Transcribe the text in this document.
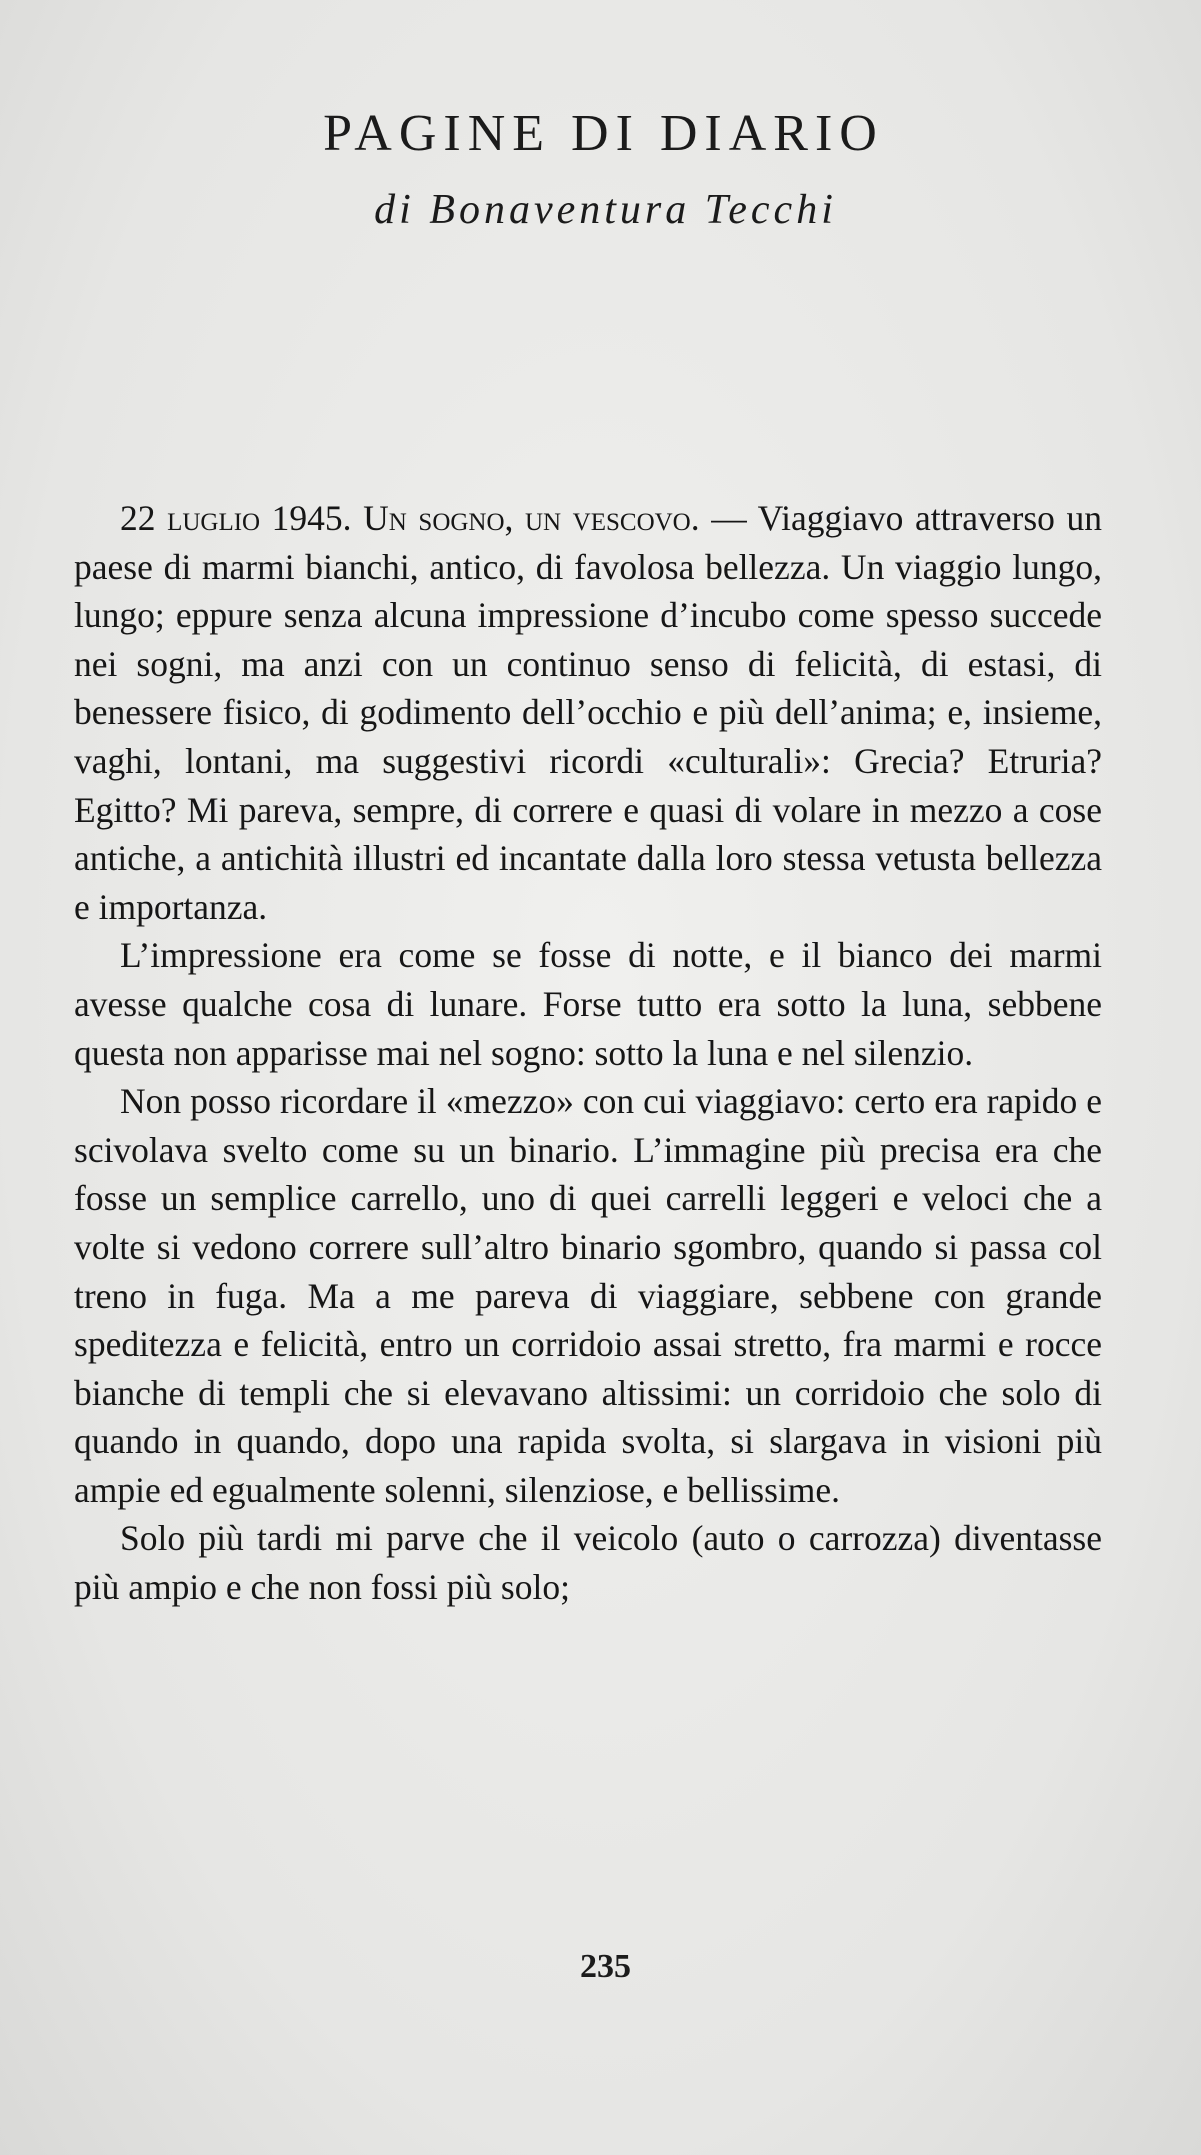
PAGINE DI DIARIO
di Bonaventura Tecchi

22 luglio 1945. Un sogno, un vescovo. — Viaggiavo attraverso un paese di marmi bianchi, antico, di favolosa bellezza. Un viaggio lungo, lungo; eppure senza alcuna impressione d’incubo come spesso succede nei sogni, ma anzi con un continuo senso di felicità, di estasi, di benessere fisico, di godimento dell’occhio e più dell’anima; e, insieme, vaghi, lontani, ma suggestivi ricordi «culturali»: Grecia? Etruria? Egitto? Mi pareva, sempre, di correre e quasi di volare in mezzo a cose antiche, a antichità illustri ed incantate dalla loro stessa vetusta bellezza e importanza.

L’impressione era come se fosse di notte, e il bianco dei marmi avesse qualche cosa di lunare. Forse tutto era sotto la luna, sebbene questa non apparisse mai nel sogno: sotto la luna e nel silenzio.

Non posso ricordare il «mezzo» con cui viaggiavo: certo era rapido e scivolava svelto come su un binario. L’immagine più precisa era che fosse un semplice carrello, uno di quei carrelli leggeri e veloci che a volte si vedono correre sull’altro binario sgombro, quando si passa col treno in fuga. Ma a me pareva di viaggiare, sebbene con grande speditezza e felicità, entro un corridoio assai stretto, fra marmi e rocce bianche di templi che si elevavano altissimi: un corridoio che solo di quando in quando, dopo una rapida svolta, si slargava in visioni più ampie ed egualmente solenni, silenziose, e bellissime.

Solo più tardi mi parve che il veicolo (auto o carrozza) diventasse più ampio e che non fossi più solo;

235
